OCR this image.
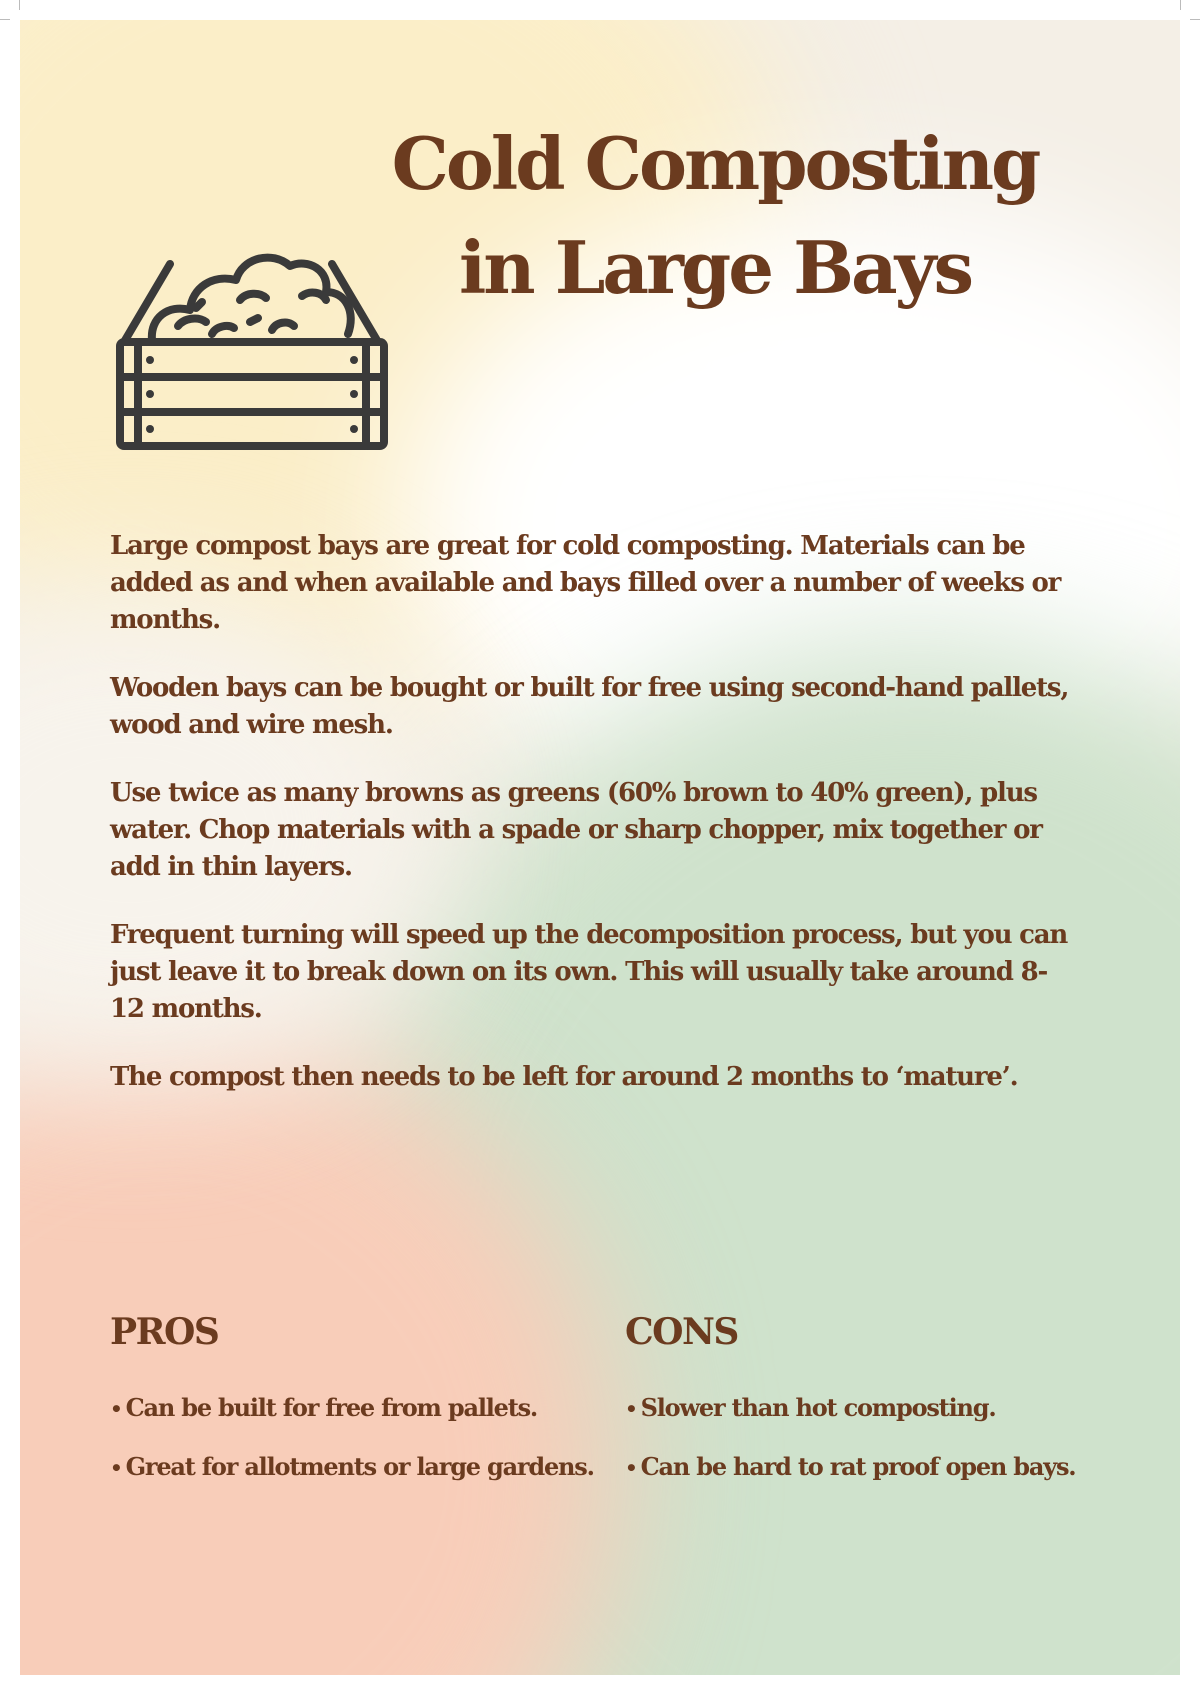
Cold Composting
in Large Bays

Large compost bays are great for cold composting. Materials can be added as and when available and bays filled over a number of weeks or months.

Wooden bays can be bought or built for free using second-hand pallets, wood and wire mesh.

Use twice as many browns as greens (60% brown to 40% green), plus water. Chop materials with a spade or sharp chopper, mix together or add in thin layers.

Frequent turning will speed up the decomposition process, but you can just leave it to break down on its own. This will usually take around 8-12 months.

The compost then needs to be left for around 2 months to ‘mature’.

PROS
• Can be built for free from pallets.
• Great for allotments or large gardens.
CONS
• Slower than hot composting.
• Can be hard to rat proof open bays.
